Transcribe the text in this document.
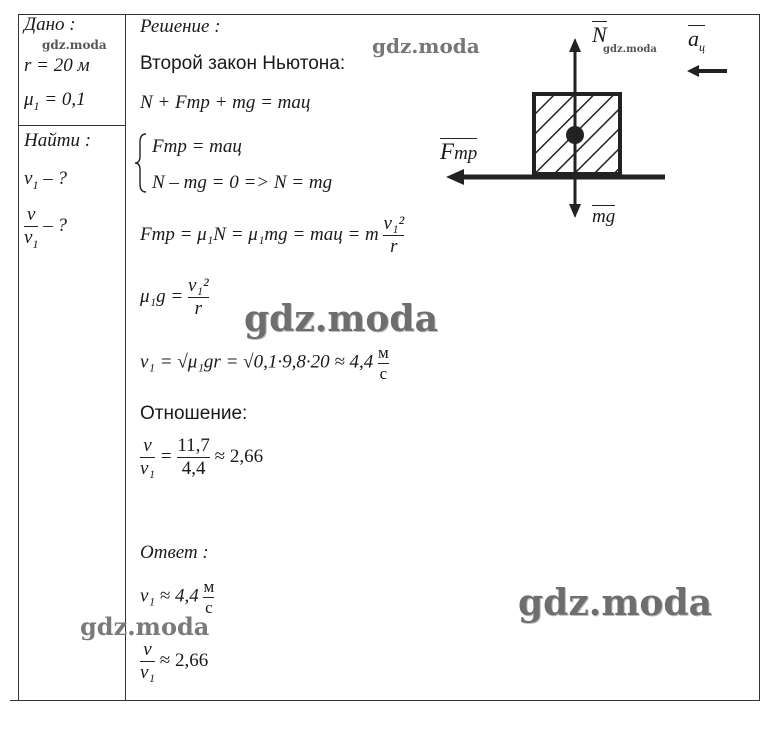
Дано :
r = 20 м
$\mu_1 = 0,1$
Найти :
$v_1$ – ?
$\frac{v}{v_1}$ – ?
Решение :
Второй закон Ньютона:
N + Fтр + mg = maц
Fтр = maц
N – mg = 0 => N = mg
Fтр = μ₁N = μ₁mg = maц = m $\frac{\text{v₁²}}{r}$
$\mu_1g = \frac{\text{v₁²}}{r}$
$v_1 = √\mu_1gr = √0,1\cdot 9,8\cdot 20 \approx 4,4 \frac{м}{с}$
Отношение:
$\frac{v}{\text{v₁}} = \frac{11,7}{4,4} \approx 2,66$
Ответ :
$v_1 \approx 4,4 \frac{м}{с}$
$\frac{v}{\text{v₁}} \approx 2,66$
N
Fтр
mg
$a_ц$
gdz.moda	gdz.moda
gdz.moda
gdz.moda
gdz.moda
gdz.moda
